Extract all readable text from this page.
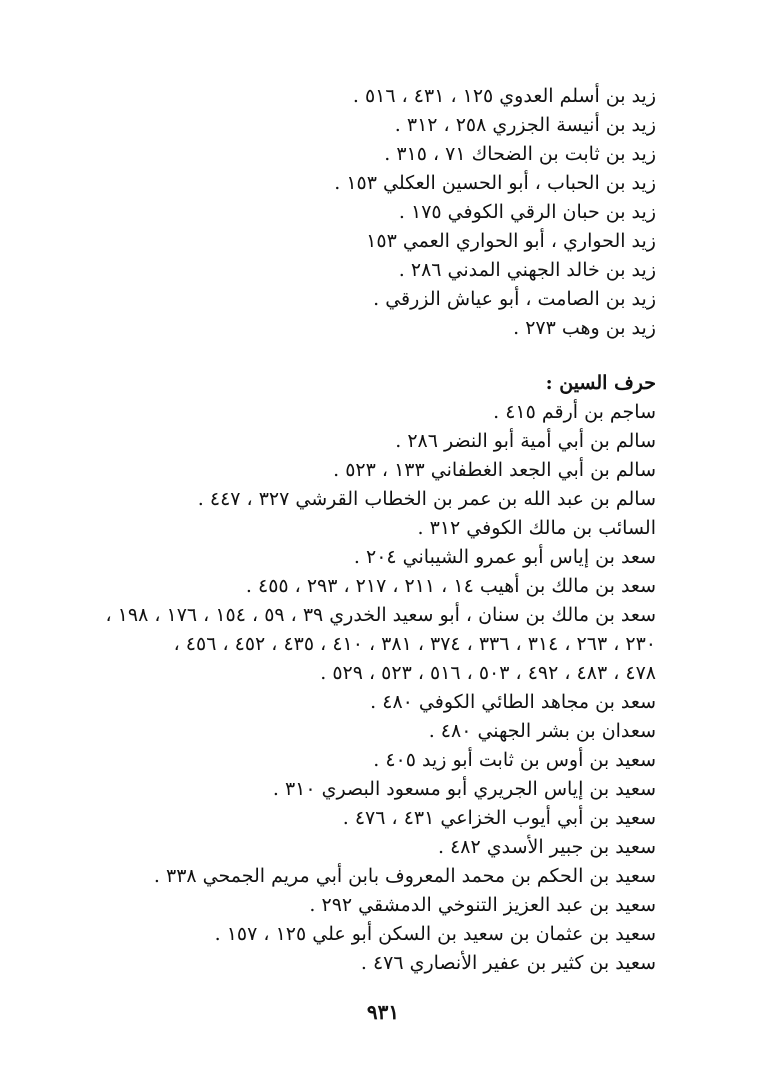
زيد بن أسلم العدوي ١٢٥ ، ٤٣١ ، ٥١٦ .
زيد بن أنيسة الجزري ٢٥٨ ، ٣١٢ .
زيد بن ثابت بن الضحاك ٧١ ، ٣١٥ .
زيد بن الحباب ، أبو الحسين العكلي ١٥٣ .
زيد بن حبان الرقي الكوفي ١٧٥ .
زيد الحواري ، أبو الحواري العمي ١٥٣
زيد بن خالد الجهني المدني ٢٨٦ .
زيد بن الصامت ، أبو عياش الزرقي .
زيد بن وهب ٢٧٣ .
حرف السين :
ساجم بن أرقم ٤١٥ .
سالم بن أبي أمية أبو النضر ٢٨٦ .
سالم بن أبي الجعد الغطفاني ١٣٣ ، ٥٢٣ .
سالم بن عبد الله بن عمر بن الخطاب القرشي ٣٢٧ ، ٤٤٧ .
السائب بن مالك الكوفي ٣١٢ .
سعد بن إياس أبو عمرو الشيباني ٢٠٤ .
سعد بن مالك بن أهيب ١٤ ، ٢١١ ، ٢١٧ ، ٢٩٣ ، ٤٥٥ .
سعد بن مالك بن سنان ، أبو سعيد الخدري ٣٩ ، ٥٩ ، ١٥٤ ، ١٧٦ ، ١٩٨ ،
٢٣٠ ، ٢٦٣ ، ٣١٤ ، ٣٣٦ ، ٣٧٤ ، ٣٨١ ، ٤١٠ ، ٤٣٥ ، ٤٥٢ ، ٤٥٦ ،
٤٧٨ ، ٤٨٣ ، ٤٩٢ ، ٥٠٣ ، ٥١٦ ، ٥٢٣ ، ٥٢٩ .
سعد بن مجاهد الطائي الكوفي ٤٨٠ .
سعدان بن بشر الجهني ٤٨٠ .
سعيد بن أوس بن ثابت أبو زيد ٤٠٥ .
سعيد بن إياس الجريري أبو مسعود البصري ٣١٠ .
سعيد بن أبي أيوب الخزاعي ٤٣١ ، ٤٧٦ .
سعيد بن جبير الأسدي ٤٨٢ .
سعيد بن الحكم بن محمد المعروف بابن أبي مريم الجمحي ٣٣٨ .
سعيد بن عبد العزيز التنوخي الدمشقي ٢٩٢ .
سعيد بن عثمان بن سعيد بن السكن أبو علي ١٢٥ ، ١٥٧ .
سعيد بن كثير بن عفير الأنصاري ٤٧٦ .
٩٣١
